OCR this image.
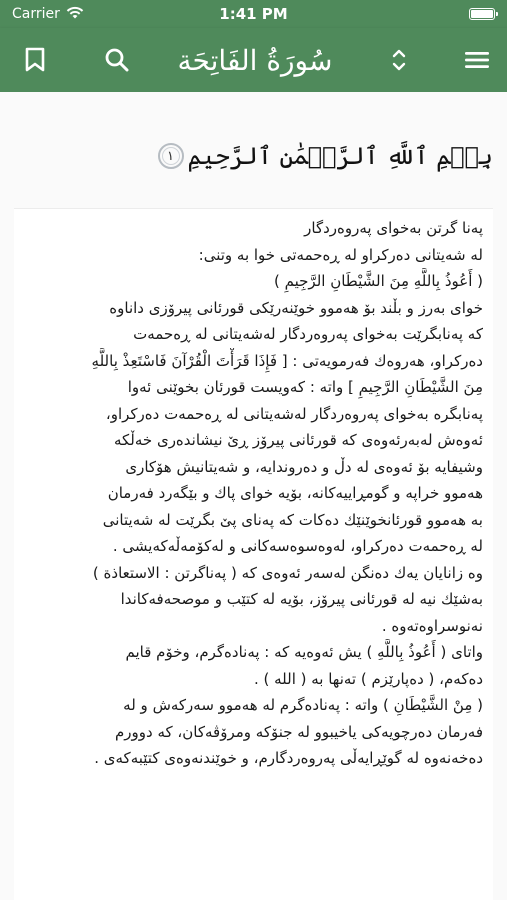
Carrier	1:41 PM
سُورَةُ الفَاتِحَة
بِسۡمِ ٱللَّهِ ٱلرَّحۡمَٰنِ ٱلرَّحِيمِ
١
پەنا گرتن بەخوای پەروەردگار
لە شەیتانی دەرکراو لە ڕەحمەتی خوا بە وتنی:
( أَعُوذُ بِاللَّهِ مِنَ الشَّيْطَانِ الرَّجِيمِ )
خوای بەرز و بڵند بۆ هەموو خوێنەرێکی قورئانی پیرۆزی داناوە
کە پەنابگرێت بەخوای پەروەردگار لەشەیتانی لە ڕەحمەت
دەرکراو، هەروەك فەرمویەتی : [ فَإِذَا قَرَأْتَ الْقُرْآنَ فَاسْتَعِذْ بِاللَّهِ
مِنَ الشَّيْطَانِ الرَّجِيمِ ] واتە : کەویست قورئان بخوێنی ئەوا
پەنابگرە بەخوای پەروەردگار لەشەیتانی لە ڕەحمەت دەرکراو،
ئەوەش لەبەرئەوەی کە قورئانی پیرۆز ڕێ نیشاندەری خەڵکە
وشیفایە بۆ ئەوەی لە دڵ و دەروندایە، و شەیتانیش هۆکاری
هەموو خراپە و گومڕاییەکانە، بۆیە خوای پاك و بێگەرد فەرمان
بە هەموو قورئانخوێنێك دەکات کە پەنای پێ بگرێت لە شەیتانی
لە ڕەحمەت دەرکراو، لەوەسوەسەکانی و لەکۆمەڵەکەیشی .
وە زانایان یەك دەنگن لەسەر ئەوەی کە ( پەناگرتن : الاستعاذة )
بەشێك نیە لە قورئانی پیرۆز، بۆیە لە کتێب و موصحەفەکاندا
نەنوسراوەتەوە .
واتای ( أَعُوذُ بِاللَّهِ ) یش ئەوەیە کە : پەنادەگرم، وخۆم قایم
دەکەم، ( دەپارێزم ) تەنها بە ( الله ) .
( مِنْ الشَّيْطَانِ ) واتە : پەنادەگرم لە هەموو سەرکەش و لە
فەرمان دەرچویەکی یاخیبوو لە جنۆکە ومرۆڤەکان، کە دوورم
دەخەنەوە لە گوێڕایەڵی پەروەردگارم، و خوێندنەوەی کتێبەکەی .
